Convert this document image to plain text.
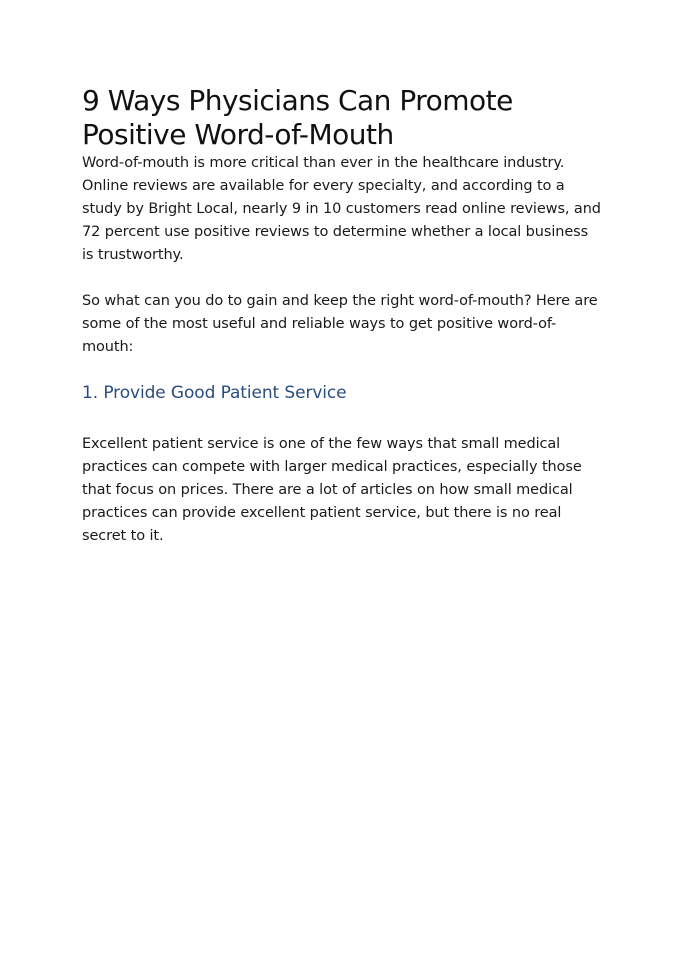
9 Ways Physicians Can Promote Positive Word-of-Mouth

Word-of-mouth is more critical than ever in the healthcare industry. Online reviews are available for every specialty, and according to a study by Bright Local, nearly 9 in 10 customers read online reviews, and 72 percent use positive reviews to determine whether a local business is trustworthy.

So what can you do to gain and keep the right word-of-mouth? Here are some of the most useful and reliable ways to get positive word-of-mouth:

1. Provide Good Patient Service

Excellent patient service is one of the few ways that small medical practices can compete with larger medical practices, especially those that focus on prices. There are a lot of articles on how small medical practices can provide excellent patient service, but there is no real secret to it.
